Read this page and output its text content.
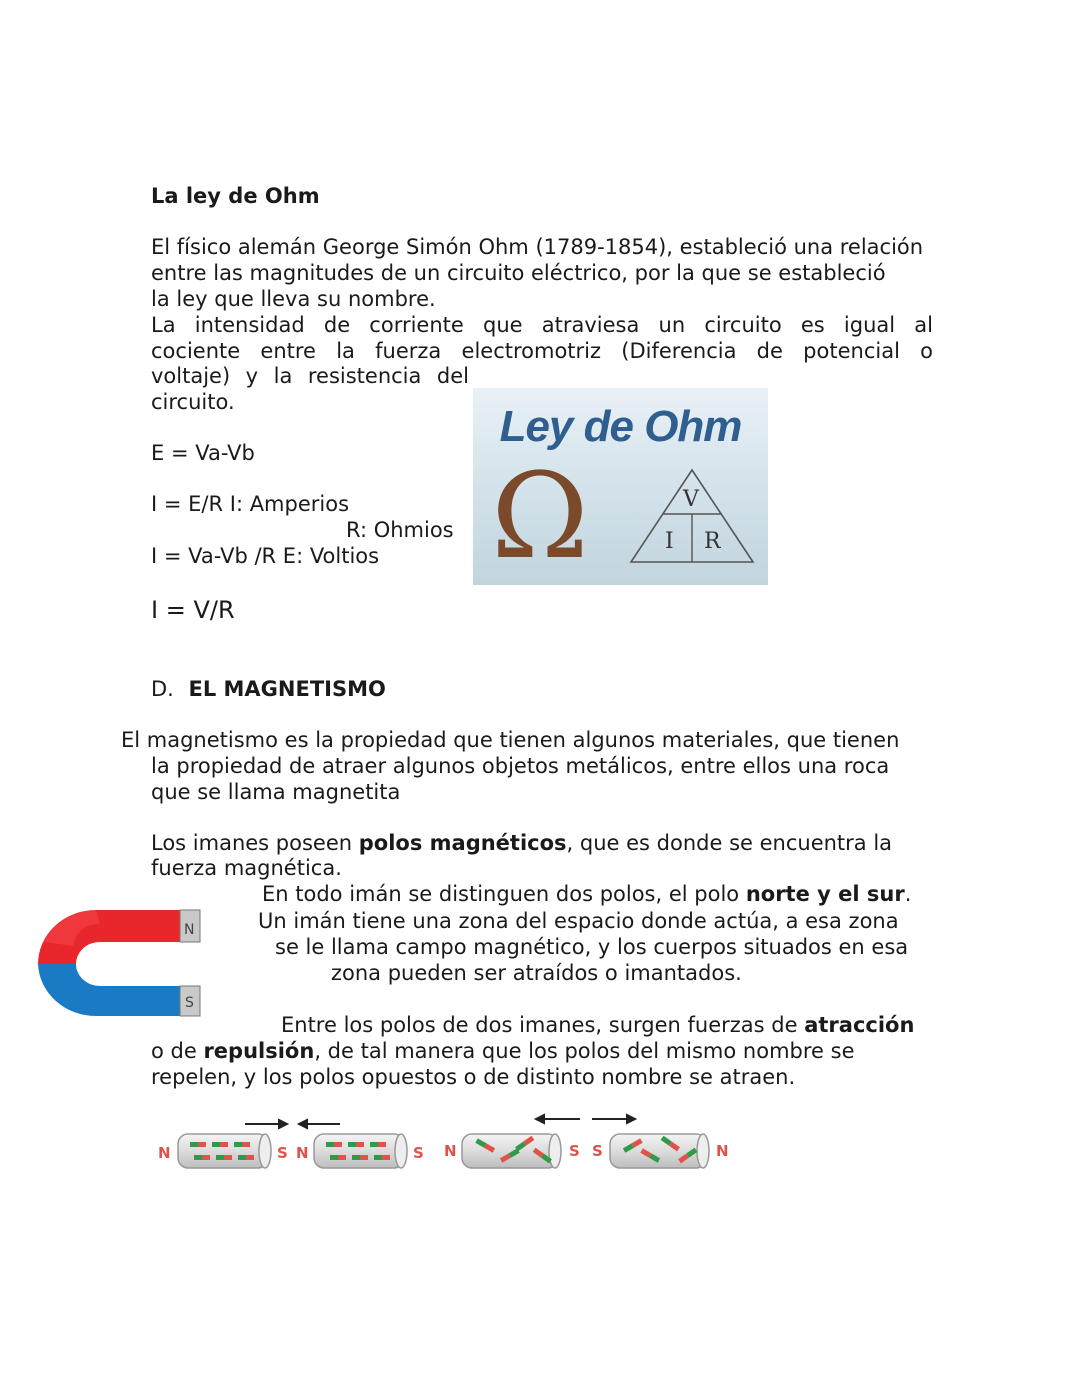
La ley de Ohm
El físico alemán George Simón Ohm (1789-1854), estableció una relación
entre las magnitudes de un circuito eléctrico, por la que se estableció
la ley que lleva su nombre.
La intensidad de corriente que atraviesa un circuito es igual al
cociente entre la fuerza electromotriz (Diferencia de potencial o
voltaje) y la resistencia del
circuito.
E = Va-Vb
I = E/R I: Amperios
R: Ohmios
I = Va-Vb /R E: Voltios
I = V/R
Ley de Ohm
Ω	V
I R
D. EL MAGNETISMO
El magnetismo es la propiedad que tienen algunos materiales, que tienen
la propiedad de atraer algunos objetos metálicos, entre ellos una roca
que se llama magnetita
Los imanes poseen polos magnéticos, que es donde se encuentra la
fuerza magnética.
En todo imán se distinguen dos polos, el polo norte y el sur.
Un imán tiene una zona del espacio donde actúa, a esa zona
se le llama campo magnético, y los cuerpos situados en esa
zona pueden ser atraídos o imantados.
N
S
Entre los polos de dos imanes, surgen fuerzas de atracción
o de repulsión, de tal manera que los polos del mismo nombre se
repelen, y los polos opuestos o de distinto nombre se atraen.
N	S N	S N	S S	N
